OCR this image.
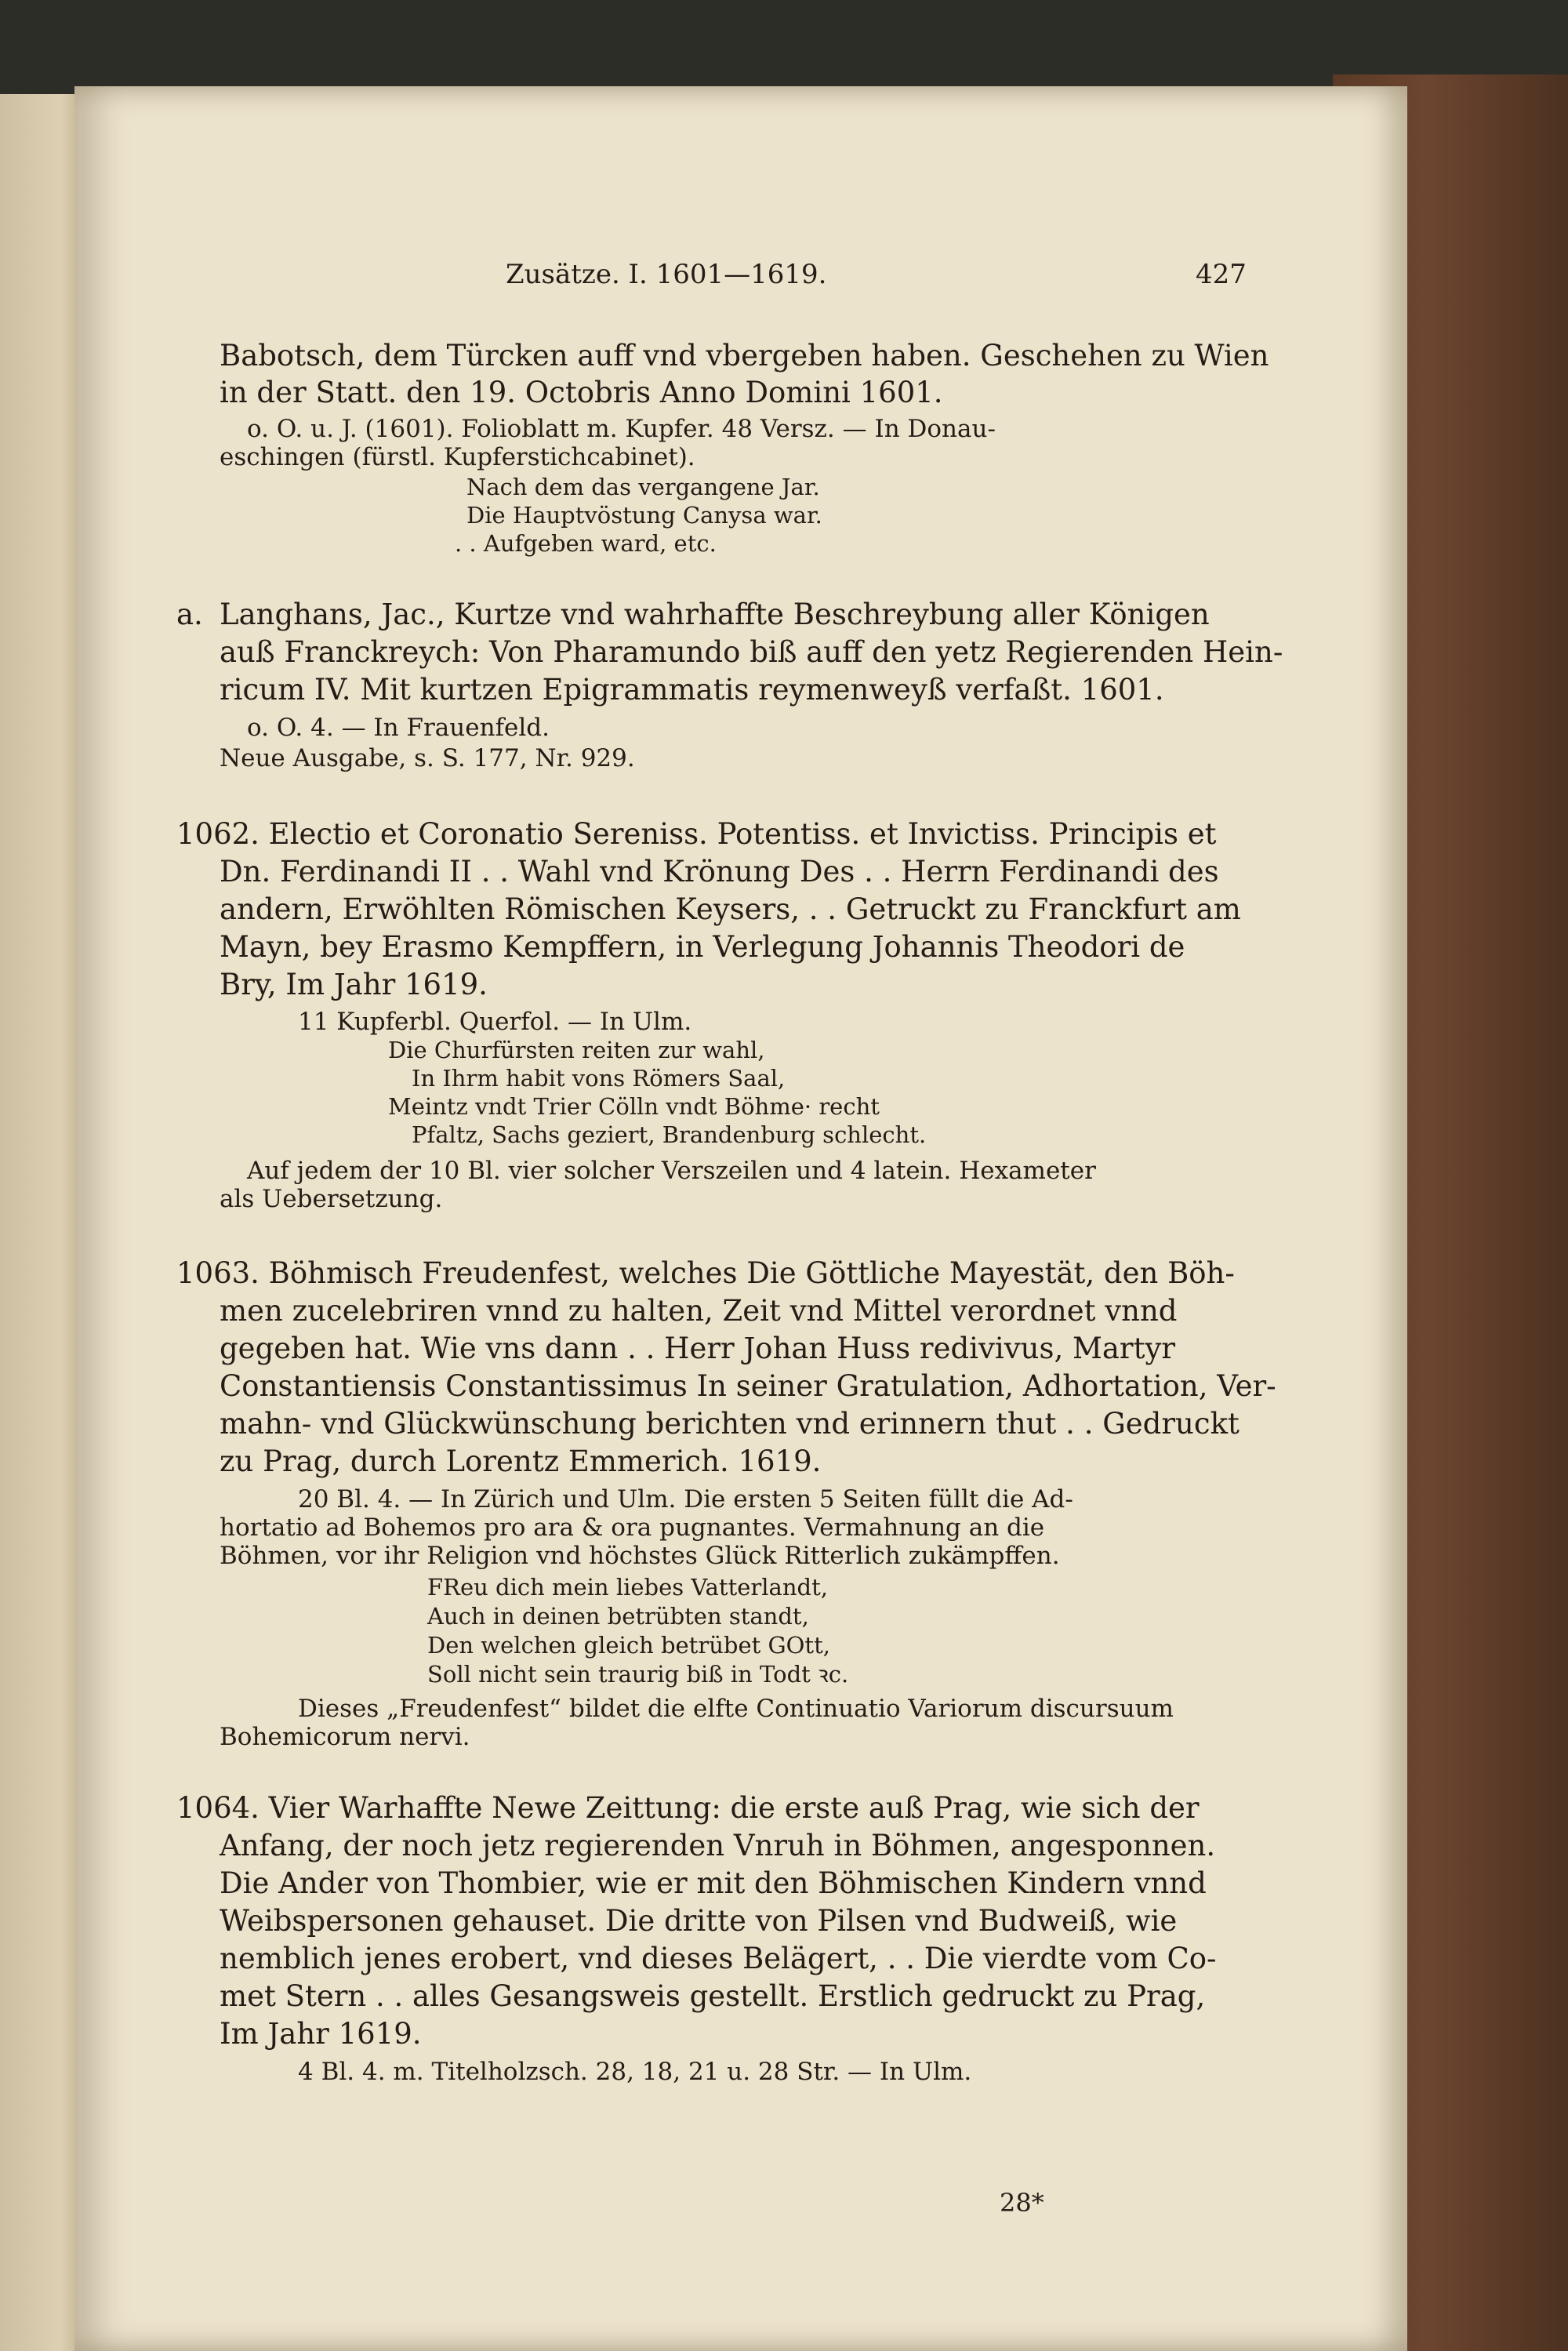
Zusätze. I. 1601—1619.	427
Babotsch, dem Türcken auff vnd vbergeben haben. Geschehen zu Wien
in der Statt. den 19. Octobris Anno Domini 1601.
o. O. u. J. (1601). Folioblatt m. Kupfer. 48 Versz. — In Donau-
eschingen (fürstl. Kupferstichcabinet).
Nach dem das vergangene Jar.
Die Hauptvöstung Canysa war.
. . Aufgeben ward, etc.
a. Langhans, Jac., Kurtze vnd wahrhaffte Beschreybung aller Königen
auß Franckreych: Von Pharamundo biß auff den yetz Regierenden Hein-
ricum IV. Mit kurtzen Epigrammatis reymenweyß verfaßt. 1601.
o. O. 4. — In Frauenfeld.
Neue Ausgabe, s. S. 177, Nr. 929.
1062. Electio et Coronatio Sereniss. Potentiss. et Invictiss. Principis et
Dn. Ferdinandi II . . Wahl vnd Krönung Des . . Herrn Ferdinandi des
andern, Erwöhlten Römischen Keysers, . . Getruckt zu Franckfurt am
Mayn, bey Erasmo Kempffern, in Verlegung Johannis Theodori de
Bry, Im Jahr 1619.
11 Kupferbl. Querfol. — In Ulm.
Die Churfürsten reiten zur wahl,
In Ihrm habit vons Römers Saal,
Meintz vndt Trier Cölln vndt Böhme· recht
Pfaltz, Sachs geziert, Brandenburg schlecht.
Auf jedem der 10 Bl. vier solcher Verszeilen und 4 latein. Hexameter
als Uebersetzung.
1063. Böhmisch Freudenfest, welches Die Göttliche Mayestät, den Böh-
men zucelebriren vnnd zu halten, Zeit vnd Mittel verordnet vnnd
gegeben hat. Wie vns dann . . Herr Johan Huss redivivus, Martyr
Constantiensis Constantissimus In seiner Gratulation, Adhortation, Ver-
mahn- vnd Glückwünschung berichten vnd erinnern thut . . Gedruckt
zu Prag, durch Lorentz Emmerich. 1619.
20 Bl. 4. — In Zürich und Ulm. Die ersten 5 Seiten füllt die Ad-
hortatio ad Bohemos pro ara & ora pugnantes. Vermahnung an die
Böhmen, vor ihr Religion vnd höchstes Glück Ritterlich zukämpffen.
FReu dich mein liebes Vatterlandt,
Auch in deinen betrübten standt,
Den welchen gleich betrübet GOtt,
Soll nicht sein traurig biß in Todt ꝛc.
Dieses „Freudenfest“ bildet die elfte Continuatio Variorum discursuum
Bohemicorum nervi.
1064. Vier Warhaffte Newe Zeittung: die erste auß Prag, wie sich der
Anfang, der noch jetz regierenden Vnruh in Böhmen, angesponnen.
Die Ander von Thombier, wie er mit den Böhmischen Kindern vnnd
Weibspersonen gehauset. Die dritte von Pilsen vnd Budweiß, wie
nemblich jenes erobert, vnd dieses Belägert, . . Die vierdte vom Co-
met Stern . . alles Gesangsweis gestellt. Erstlich gedruckt zu Prag,
Im Jahr 1619.
4 Bl. 4. m. Titelholzsch. 28, 18, 21 u. 28 Str. — In Ulm.
28*
